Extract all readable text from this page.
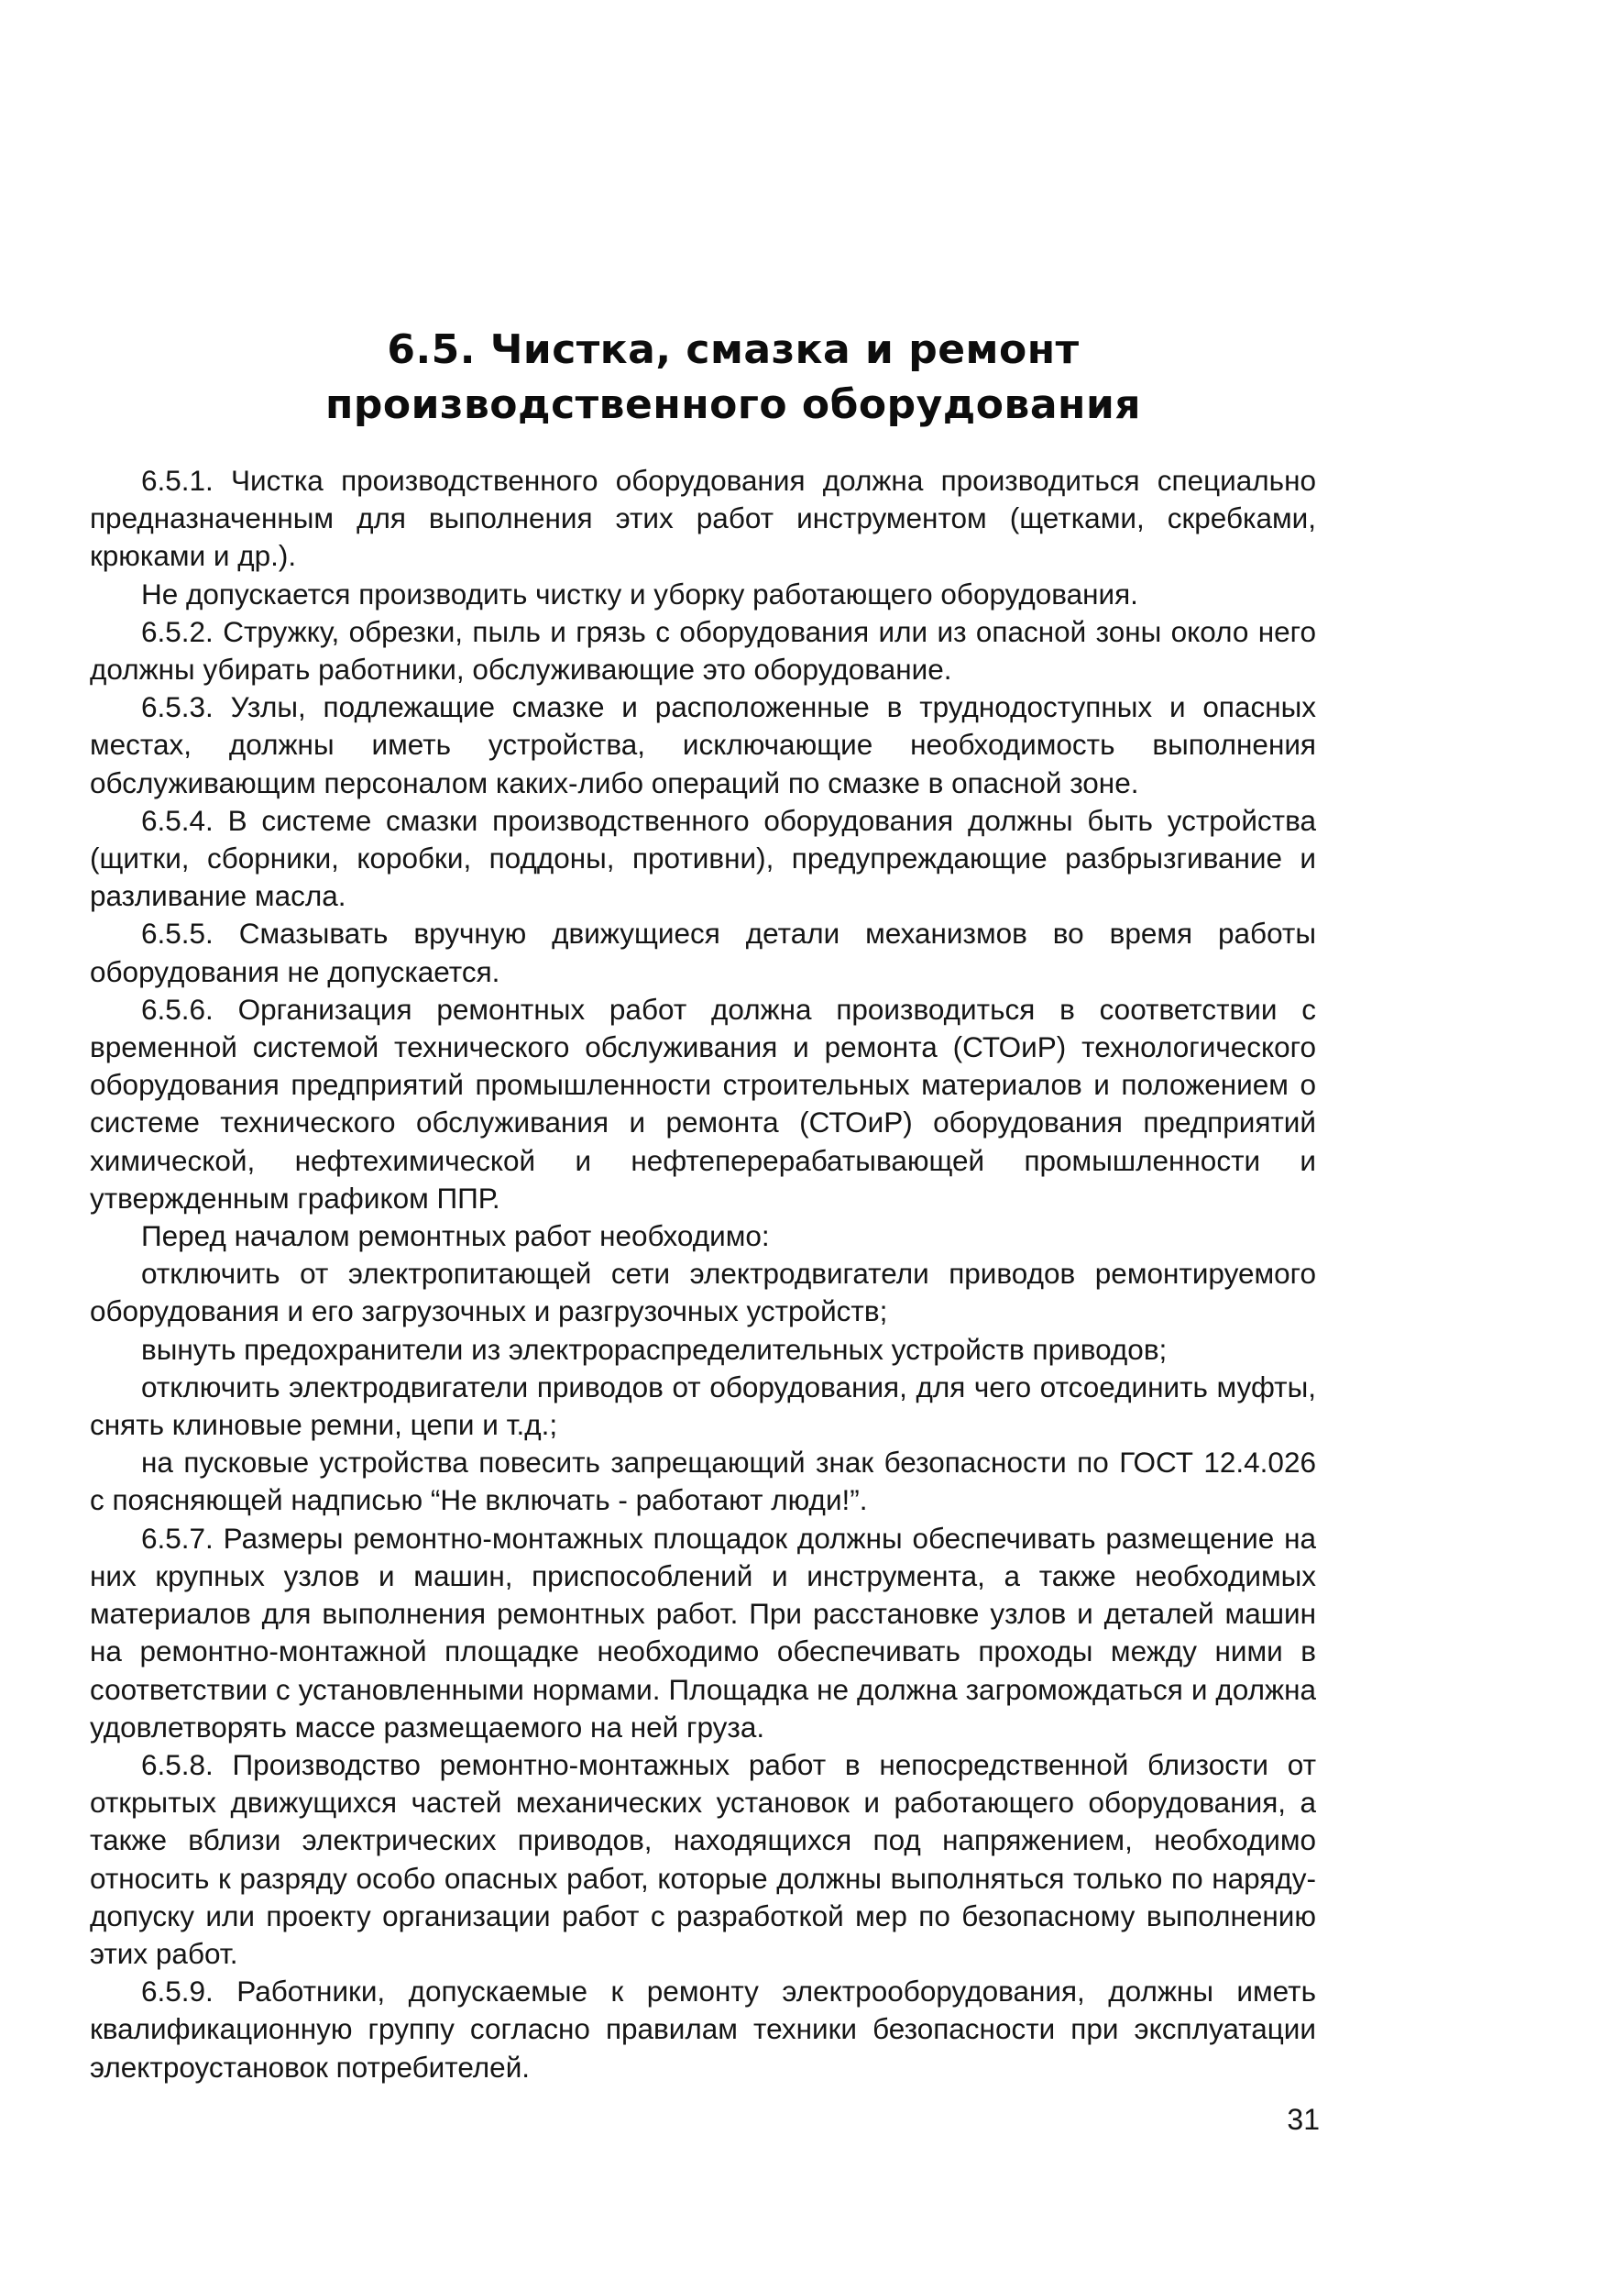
6.5. Чистка, смазка и ремонт
производственного оборудования

6.5.1. Чистка производственного оборудования должна производиться специально предназначенным для выполнения этих работ инструментом (щетками, скребками, крюками и др.).

Не допускается производить чистку и уборку работающего оборудования.

6.5.2. Стружку, обрезки, пыль и грязь с оборудования или из опасной зоны около него должны убирать работники, обслуживающие это оборудование.

6.5.3. Узлы, подлежащие смазке и расположенные в труднодоступных и опасных местах, должны иметь устройства, исключающие необходимость выполнения обслуживающим персоналом каких-либо операций по смазке в опасной зоне.

6.5.4. В системе смазки производственного оборудования должны быть устройства (щитки, сборники, коробки, поддоны, противни), предупреждающие разбрызгивание и разливание масла.

6.5.5. Смазывать вручную движущиеся детали механизмов во время работы оборудования не допускается.

6.5.6. Организация ремонтных работ должна производиться в соответствии с временной системой технического обслуживания и ремонта (СТОиР) технологического оборудования предприятий промышленности строительных материалов и положением о системе технического обслуживания и ремонта (СТОиР) оборудования предприятий химической, нефтехимической и нефтеперерабатывающей промышленности и утвержденным графиком ППР.

Перед началом ремонтных работ необходимо:

отключить от электропитающей сети электродвигатели приводов ремонтируемого оборудования и его загрузочных и разгрузочных устройств;

вынуть предохранители из электрораспределительных устройств приводов;

отключить электродвигатели приводов от оборудования, для чего отсоединить муфты, снять клиновые ремни, цепи и т.д.;

на пусковые устройства повесить запрещающий знак безопасности по ГОСТ 12.4.026 с поясняющей надписью “Не включать - работают люди!”.

6.5.7. Размеры ремонтно-монтажных площадок должны обеспечивать размещение на них крупных узлов и машин, приспособлений и инструмента, а также необходимых материалов для выполнения ремонтных работ. При расстановке узлов и деталей машин на ремонтно-монтажной площадке необходимо обеспечивать проходы между ними в соответствии с установленными нормами. Площадка не должна загромождаться и должна удовлетворять массе размещаемого на ней груза.

6.5.8. Производство ремонтно-монтажных работ в непосредственной близости от открытых движущихся частей механических установок и работающего оборудования, а также вблизи электрических приводов, находящихся под напряжением, необходимо относить к разряду особо опасных работ, которые должны выполняться только по наряду-допуску или проекту организации работ с разработкой мер по безопасному выполнению этих работ.

6.5.9. Работники, допускаемые к ремонту электрооборудования, должны иметь квалификационную группу согласно правилам техники безопасности при эксплуатации электроустановок потребителей.

31
